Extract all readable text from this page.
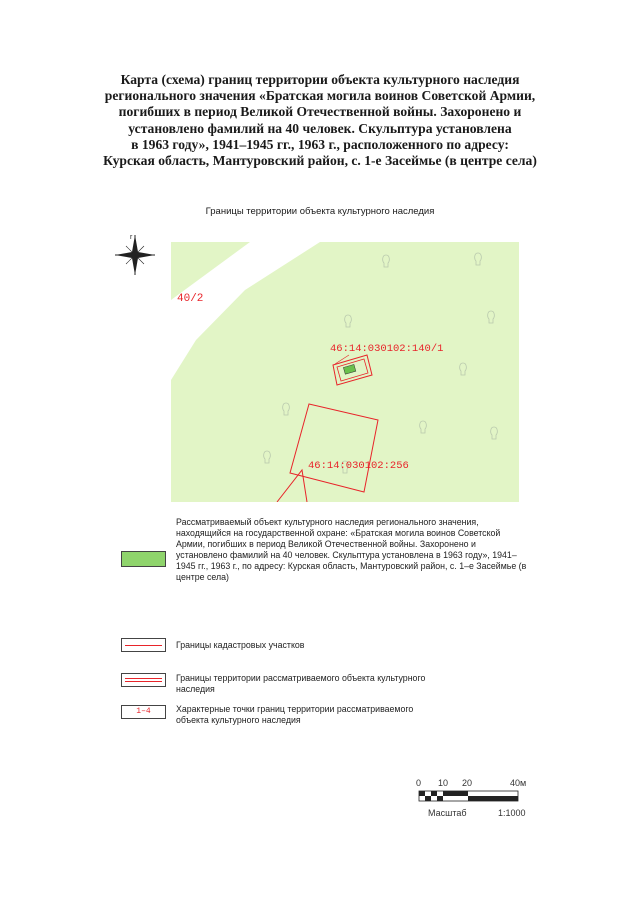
Карта (схема) границ территории объекта культурного наследия
регионального значения «Братская могила воинов Советской Армии,
погибших в период Великой Отечественной войны. Захоронено и
установлено фамилий на 40 человек. Скульптура установлена
в 1963 году», 1941–1945 гг., 1963 г., расположенного по адресу:
Курская область, Мантуровский район, с. 1-е Засеймье (в центре села)
Границы территории объекта культурного наследия
r
40/2
46:14:030102:140/1
46:14:030102:256
Рассматриваемый объект культурного наследия регионального значения,
находящийся на государственной охране: «Братская могила воинов Советской
Армии, погибших в период Великой Отечественной войны. Захоронено и
установлено фамилий на 40 человек. Скульптура установлена в 1963 году», 1941–
1945 гг., 1963 г., по адресу: Курская область, Мантуровский район, с. 1–е Засеймье (в
центре села)
Границы кадастровых участков
Границы территории рассматриваемого объекта культурного
наследия
1–4	Характерные точки границ территории рассматриваемого
объекта культурного наследия
0 10 20	40м
Масштаб	1:1000
